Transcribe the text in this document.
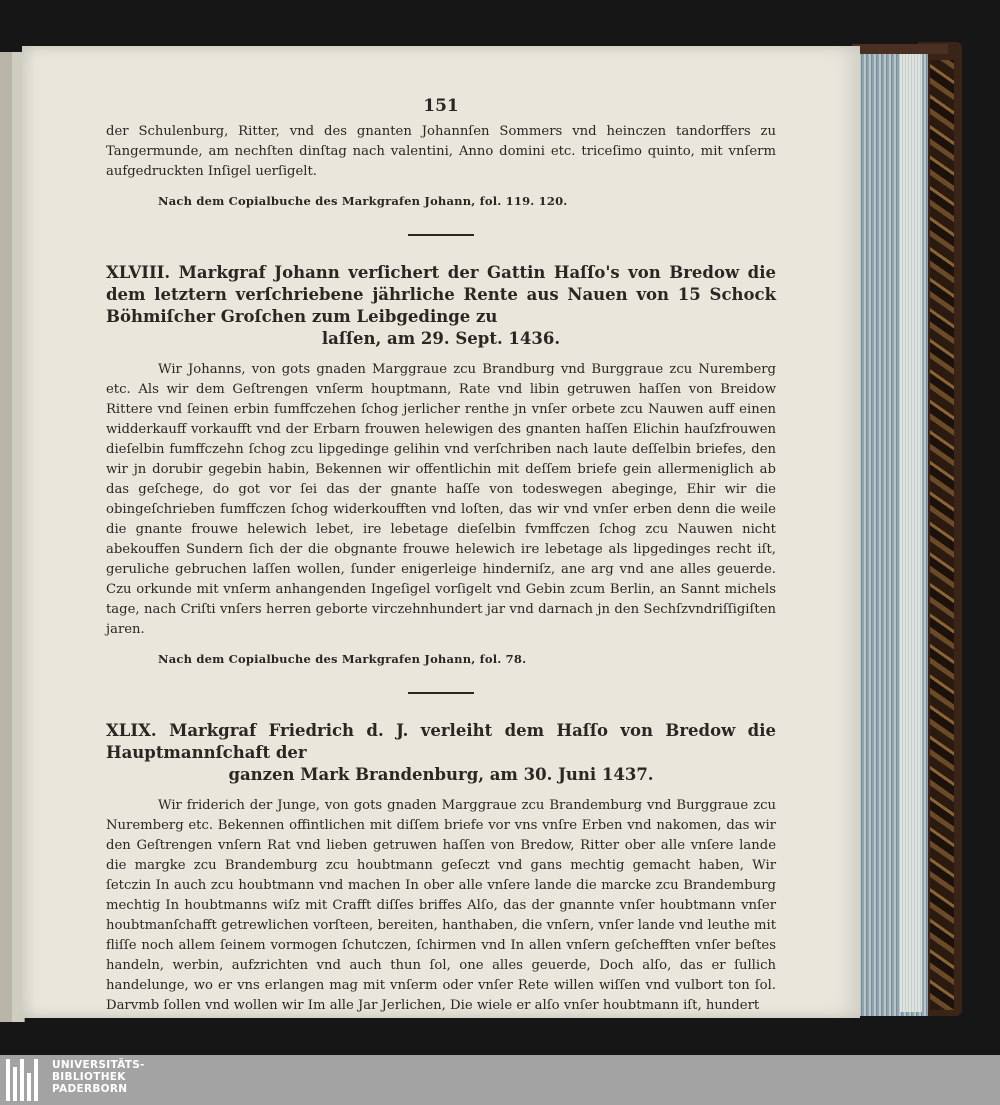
151

der Schulenburg, Ritter, vnd des gnanten Johannſen Sommers vnd heinczen tandorffers zu Tangermunde, am nechſten dinſtag nach valentini, Anno domini etc. triceſimo quinto, mit vnſerm aufgedruckten Inſigel uerſigelt.

Nach dem Copialbuche des Markgrafen Johann, fol. 119. 120.
XLVIII. Markgraf Johann verſichert der Gattin Haſſo's von Bredow die dem letztern verſchriebene jährliche Rente aus Nauen von 15 Schock Böhmiſcher Groſchen zum Leibgedinge zu
laſſen, am 29. Sept. 1436.

Wir Johanns, von gots gnaden Marggraue zcu Brandburg vnd Burggraue zcu Nuremberg etc. Als wir dem Geſtrengen vnſerm houptmann, Rate vnd libin getruwen haſſen von Breidow Rittere vnd ſeinen erbin fumffczehen ſchog jerlicher renthe jn vnſer orbete zcu Nauwen auff einen widderkauff vorkaufft vnd der Erbarn frouwen helewigen des gnanten haſſen Elichin hauſzfrouwen dieſelbin fumffczehn ſchog zcu lipgedinge gelihin vnd verſchriben nach laute deſſelbin briefes, den wir jn dorubir gegebin habin, Bekennen wir offentlichin mit deſſem briefe gein allermeniglich ab das geſchege, do got vor ſei das der gnante haſſe von todeswegen abeginge, Ehir wir die obingeſchrieben fumffczen ſchog widerkoufften vnd loſten, das wir vnd vnſer erben denn die weile die gnante frouwe helewich lebet, ire lebetage dieſelbin fvmffczen ſchog zcu Nauwen nicht abekouffen Sundern ſich der die obgnante frouwe helewich ire lebetage als lipgedinges recht iſt, geruliche gebruchen laſſen wollen, ſunder enigerleige hinderniſz, ane arg vnd ane alles geuerde. Czu orkunde mit vnſerm anhangenden Ingeſigel vorſigelt vnd Gebin zcum Berlin, an Sannt michels tage, nach Criſti vnſers herren geborte virczehnhundert jar vnd darnach jn den Sechſzvndriſſigiſten jaren.

Nach dem Copialbuche des Markgrafen Johann, fol. 78.
XLIX. Markgraf Friedrich d. J. verleiht dem Haſſo von Bredow die Hauptmannſchaft der
ganzen Mark Brandenburg, am 30. Juni 1437.

Wir friderich der Junge, von gots gnaden Marggraue zcu Brandemburg vnd Burggraue zcu Nuremberg etc. Bekennen offintlichen mit diſſem briefe vor vns vnſre Erben vnd nakomen, das wir den Geſtrengen vnſern Rat vnd lieben getruwen haſſen von Bredow, Ritter ober alle vnſere lande die margke zcu Brandemburg zcu houbtmann geſeczt vnd gans mechtig gemacht haben, Wir ſetczin In auch zcu houbtmann vnd machen In ober alle vnſere lande die marcke zcu Brandemburg mechtig In houbtmanns wiſz mit Crafft diſſes briffes Alſo, das der gnannte vnſer houbtmann vnſer houbtmanſchafft getrewlichen vorſteen, bereiten, hanthaben, die vnſern, vnſer lande vnd leuthe mit fliſſe noch allem ſeinem vormogen ſchutczen, ſchirmen vnd In allen vnſern geſchefften vnſer beſtes handeln, werbin, aufzrichten vnd auch thun ſol, one alles geuerde, Doch alſo, das er ſullich handelunge, wo er vns erlangen mag mit vnſerm oder vnſer Rete willen wiſſen vnd vulbort ton ſol. Darvmb ſollen vnd wollen wir Im alle Jar Jerlichen, Die wiele er alſo vnſer houbtmann iſt, hundert

UNIVERSITÄTS-
BIBLIOTHEK
PADERBORN
